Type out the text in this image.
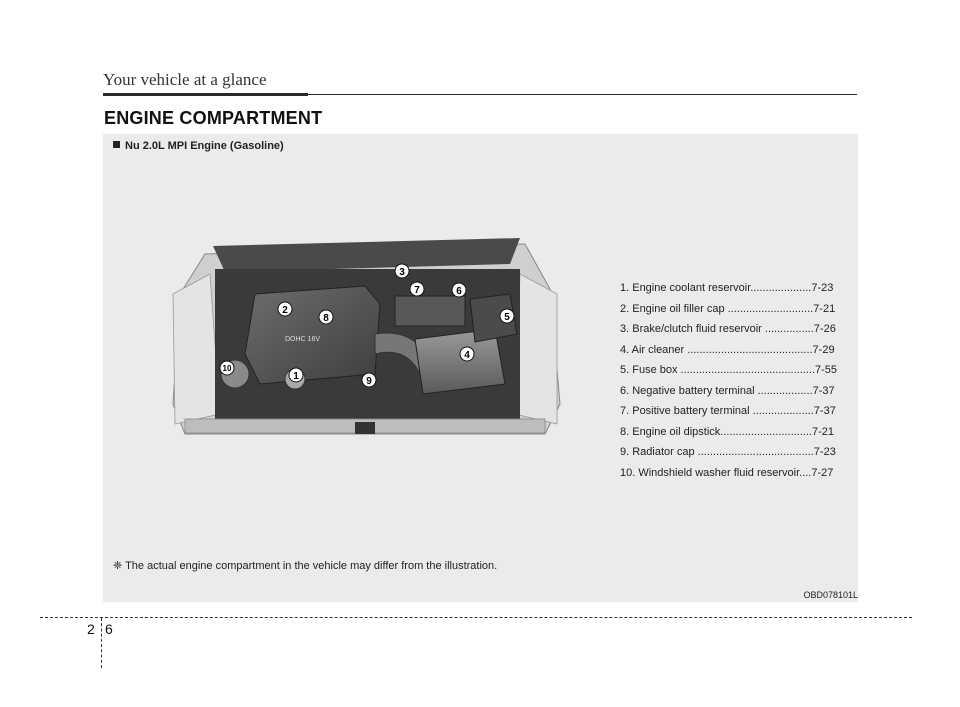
Your vehicle at a glance
ENGINE COMPARTMENT
Nu 2.0L MPI Engine (Gasoline)
DOHC 16V
3
7	6
5
2
8
4
10
1	9
1. Engine coolant reservoir....................7-23
2. Engine oil filler cap ............................7-21
3. Brake/clutch fluid reservoir ................7-26
4. Air cleaner .........................................7-29
5. Fuse box ............................................7-55
6. Negative battery terminal ..................7-37
7. Positive battery terminal ....................7-37
8. Engine oil dipstick..............................7-21
9. Radiator cap ......................................7-23
10. Windshield washer fluid reservoir....7-27
❈ The actual engine compartment in the vehicle may differ from the illustration.
OBD078101L
2 6
